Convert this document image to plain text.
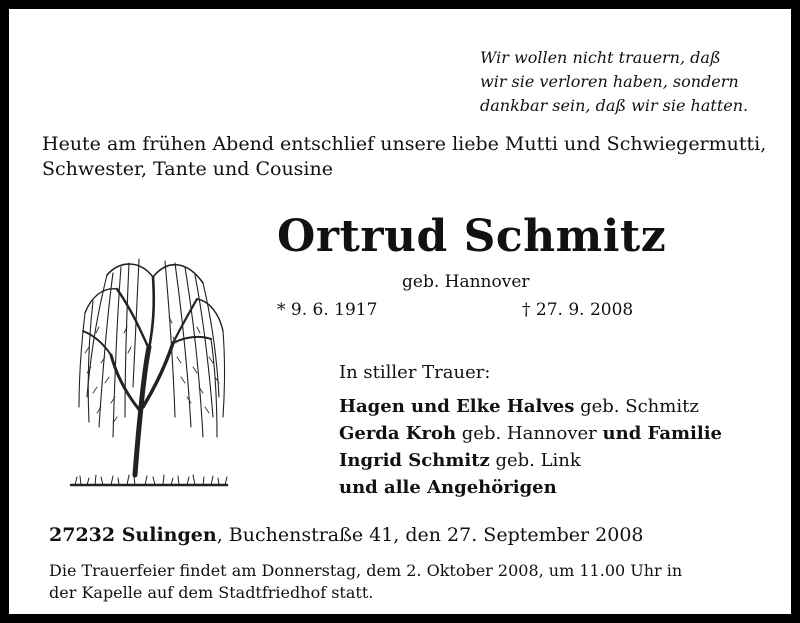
Wir wollen nicht trauern, daß
wir sie verloren haben, sondern
dankbar sein, daß wir sie hatten.
Heute am frühen Abend entschlief unsere liebe Mutti und Schwiegermutti,
Schwester, Tante und Cousine
Ortrud Schmitz
geb. Hannover
* 9. 6. 1917	† 27. 9. 2008
In stiller Trauer:
Hagen und Elke Halves geb. Schmitz
Gerda Kroh geb. Hannover und Familie
Ingrid Schmitz geb. Link
und alle Angehörigen
27232 Sulingen, Buchenstraße 41, den 27. September 2008
Die Trauerfeier findet am Donnerstag, dem 2. Oktober 2008, um 11.00 Uhr in
der Kapelle auf dem Stadtfriedhof statt.
